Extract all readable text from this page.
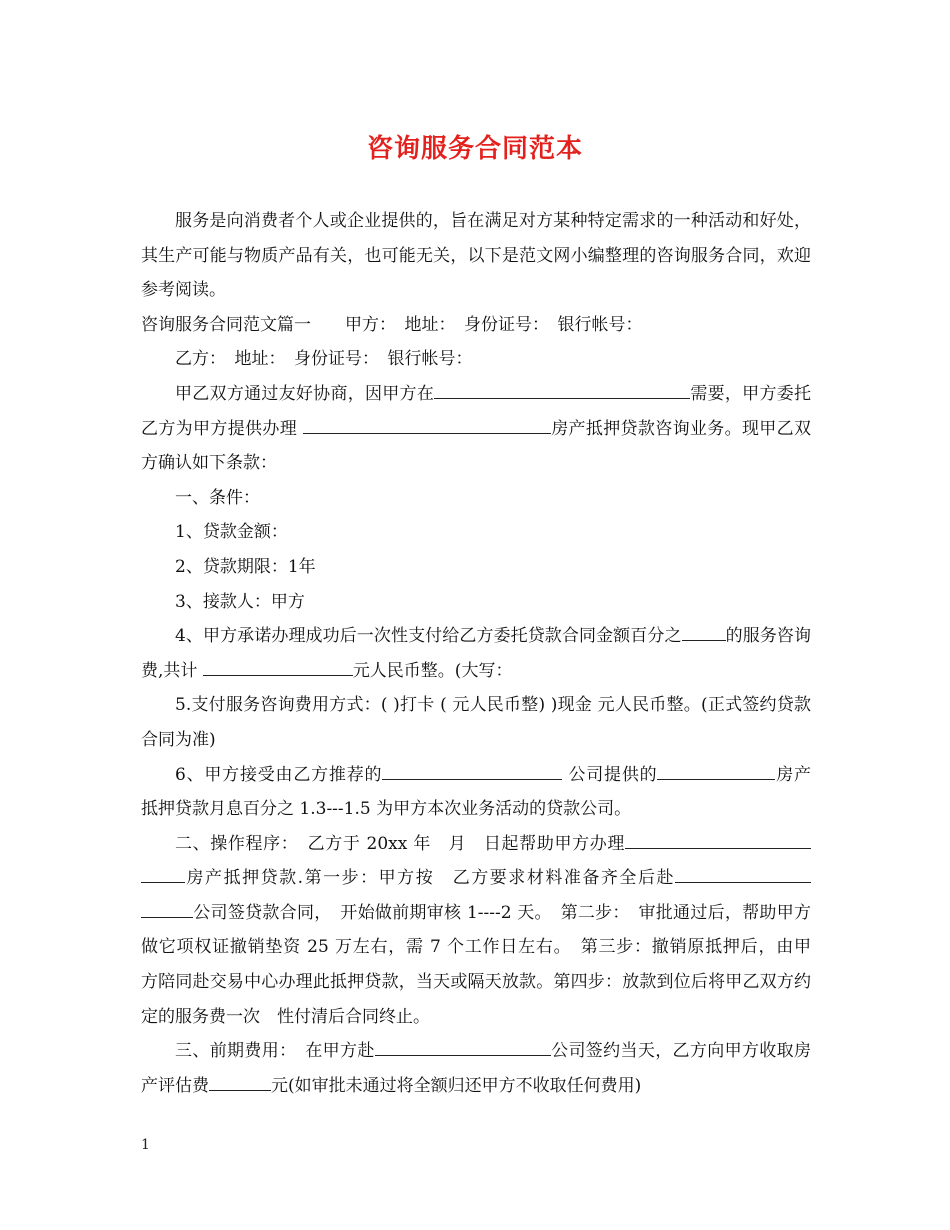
咨询服务合同范本

服务是向消费者个人或企业提供的，旨在满足对方某种特定需求的一种活动和好处，其生产可能与物质产品有关，也可能无关，以下是范文网小编整理的咨询服务合同，欢迎参考阅读。

咨询服务合同范文篇一　　甲方：　地址：　身份证号：　银行帐号：

乙方：　地址：　身份证号：　银行帐号：

甲乙双方通过友好协商，因甲方在	需要，甲方委托乙方为甲方提供办理	房产抵押贷款咨询业务。现甲乙双方确认如下条款：

一、条件：

1、贷款金额：

2、贷款期限：1年

3、接款人：甲方

4、甲方承诺办理成功后一次性支付给乙方委托贷款合同金额百分之	的服务咨询费,共计	元人民币整。(大写：

5.支付服务咨询费用方式：( )打卡 ( 元人民币整) )现金 元人民币整。(正式签约贷款合同为准)

6、甲方接受由乙方推荐的	公司提供的	房产抵押贷款月息百分之 1.3---1.5 为甲方本次业务活动的贷款公司。

二、操作程序：　乙方于 20xx 年　月　日起帮助甲方办理房产抵押贷款.第一步：甲方按　乙方要求材料准备齐全后赴公司签贷款合同，　开始做前期审核 1----2 天。　第二步：　审批通过后，帮助甲方做它项权证撤销垫资 25 万左右，需 7 个工作日左右。　第三步：撤销原抵押后，由甲　方陪同赴交易中心办理此抵押贷款，当天或隔天放款。第四步：放款到位后将甲乙双方约定的服务费一次　性付清后合同终止。

三、前期费用：　在甲方赴	公司签约当天，乙方向甲方收取房产评估费	元(如审批未通过将全额归还甲方不收取任何费用)

1
